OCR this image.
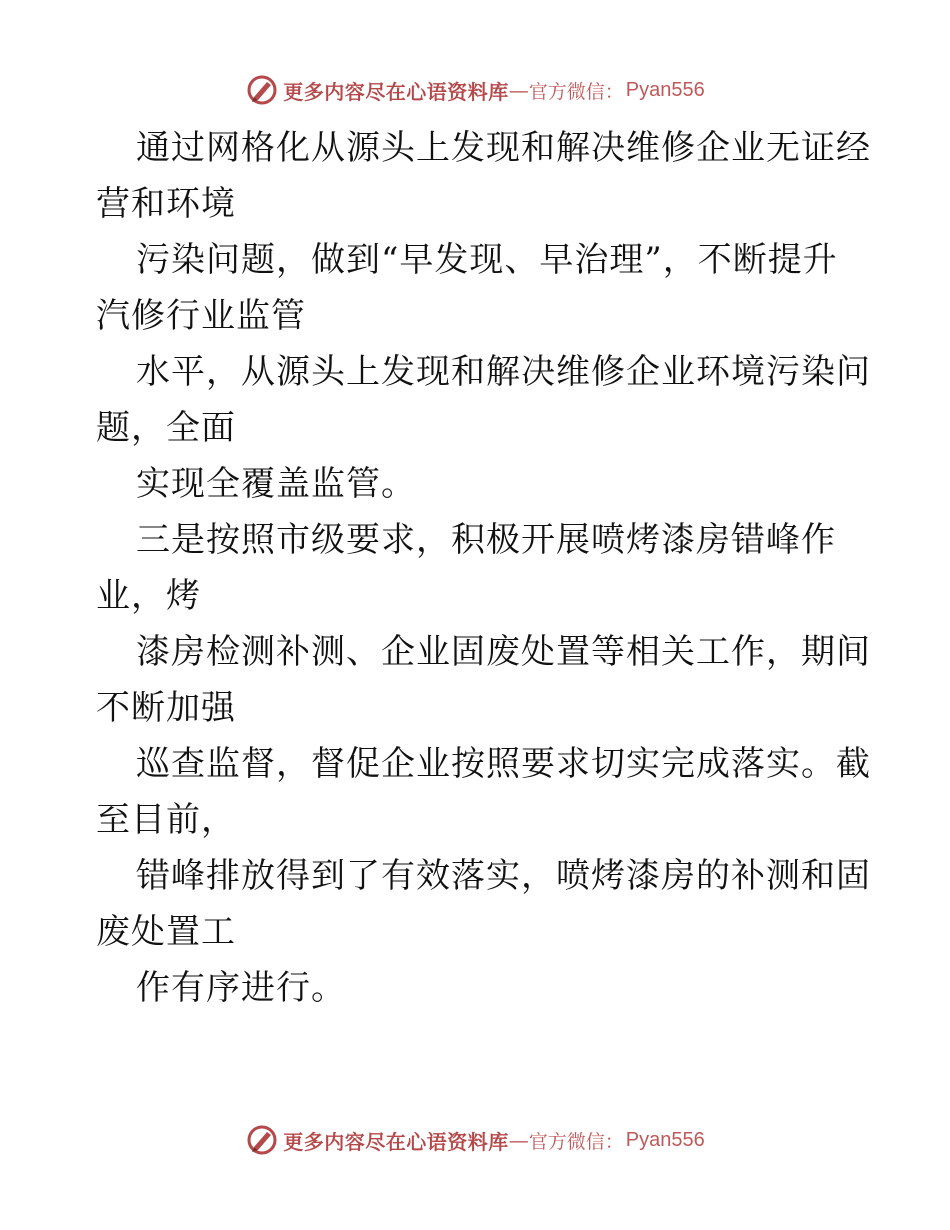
更多内容尽在心语资料库 — 官方微信： Pyan556
通过网格化从源头上发现和解决维修企业无证经
营和环境
污染问题，做到“早发现、早治理”，不断提升
汽修行业监管
水平，从源头上发现和解决维修企业环境污染问
题，全面
实现全覆盖监管。
三是按照市级要求，积极开展喷烤漆房错峰作
业，烤
漆房检测补测、企业固废处置等相关工作，期间
不断加强
巡查监督，督促企业按照要求切实完成落实。截
至目前，
错峰排放得到了有效落实，喷烤漆房的补测和固
废处置工
作有序进行。
更多内容尽在心语资料库 — 官方微信： Pyan556
